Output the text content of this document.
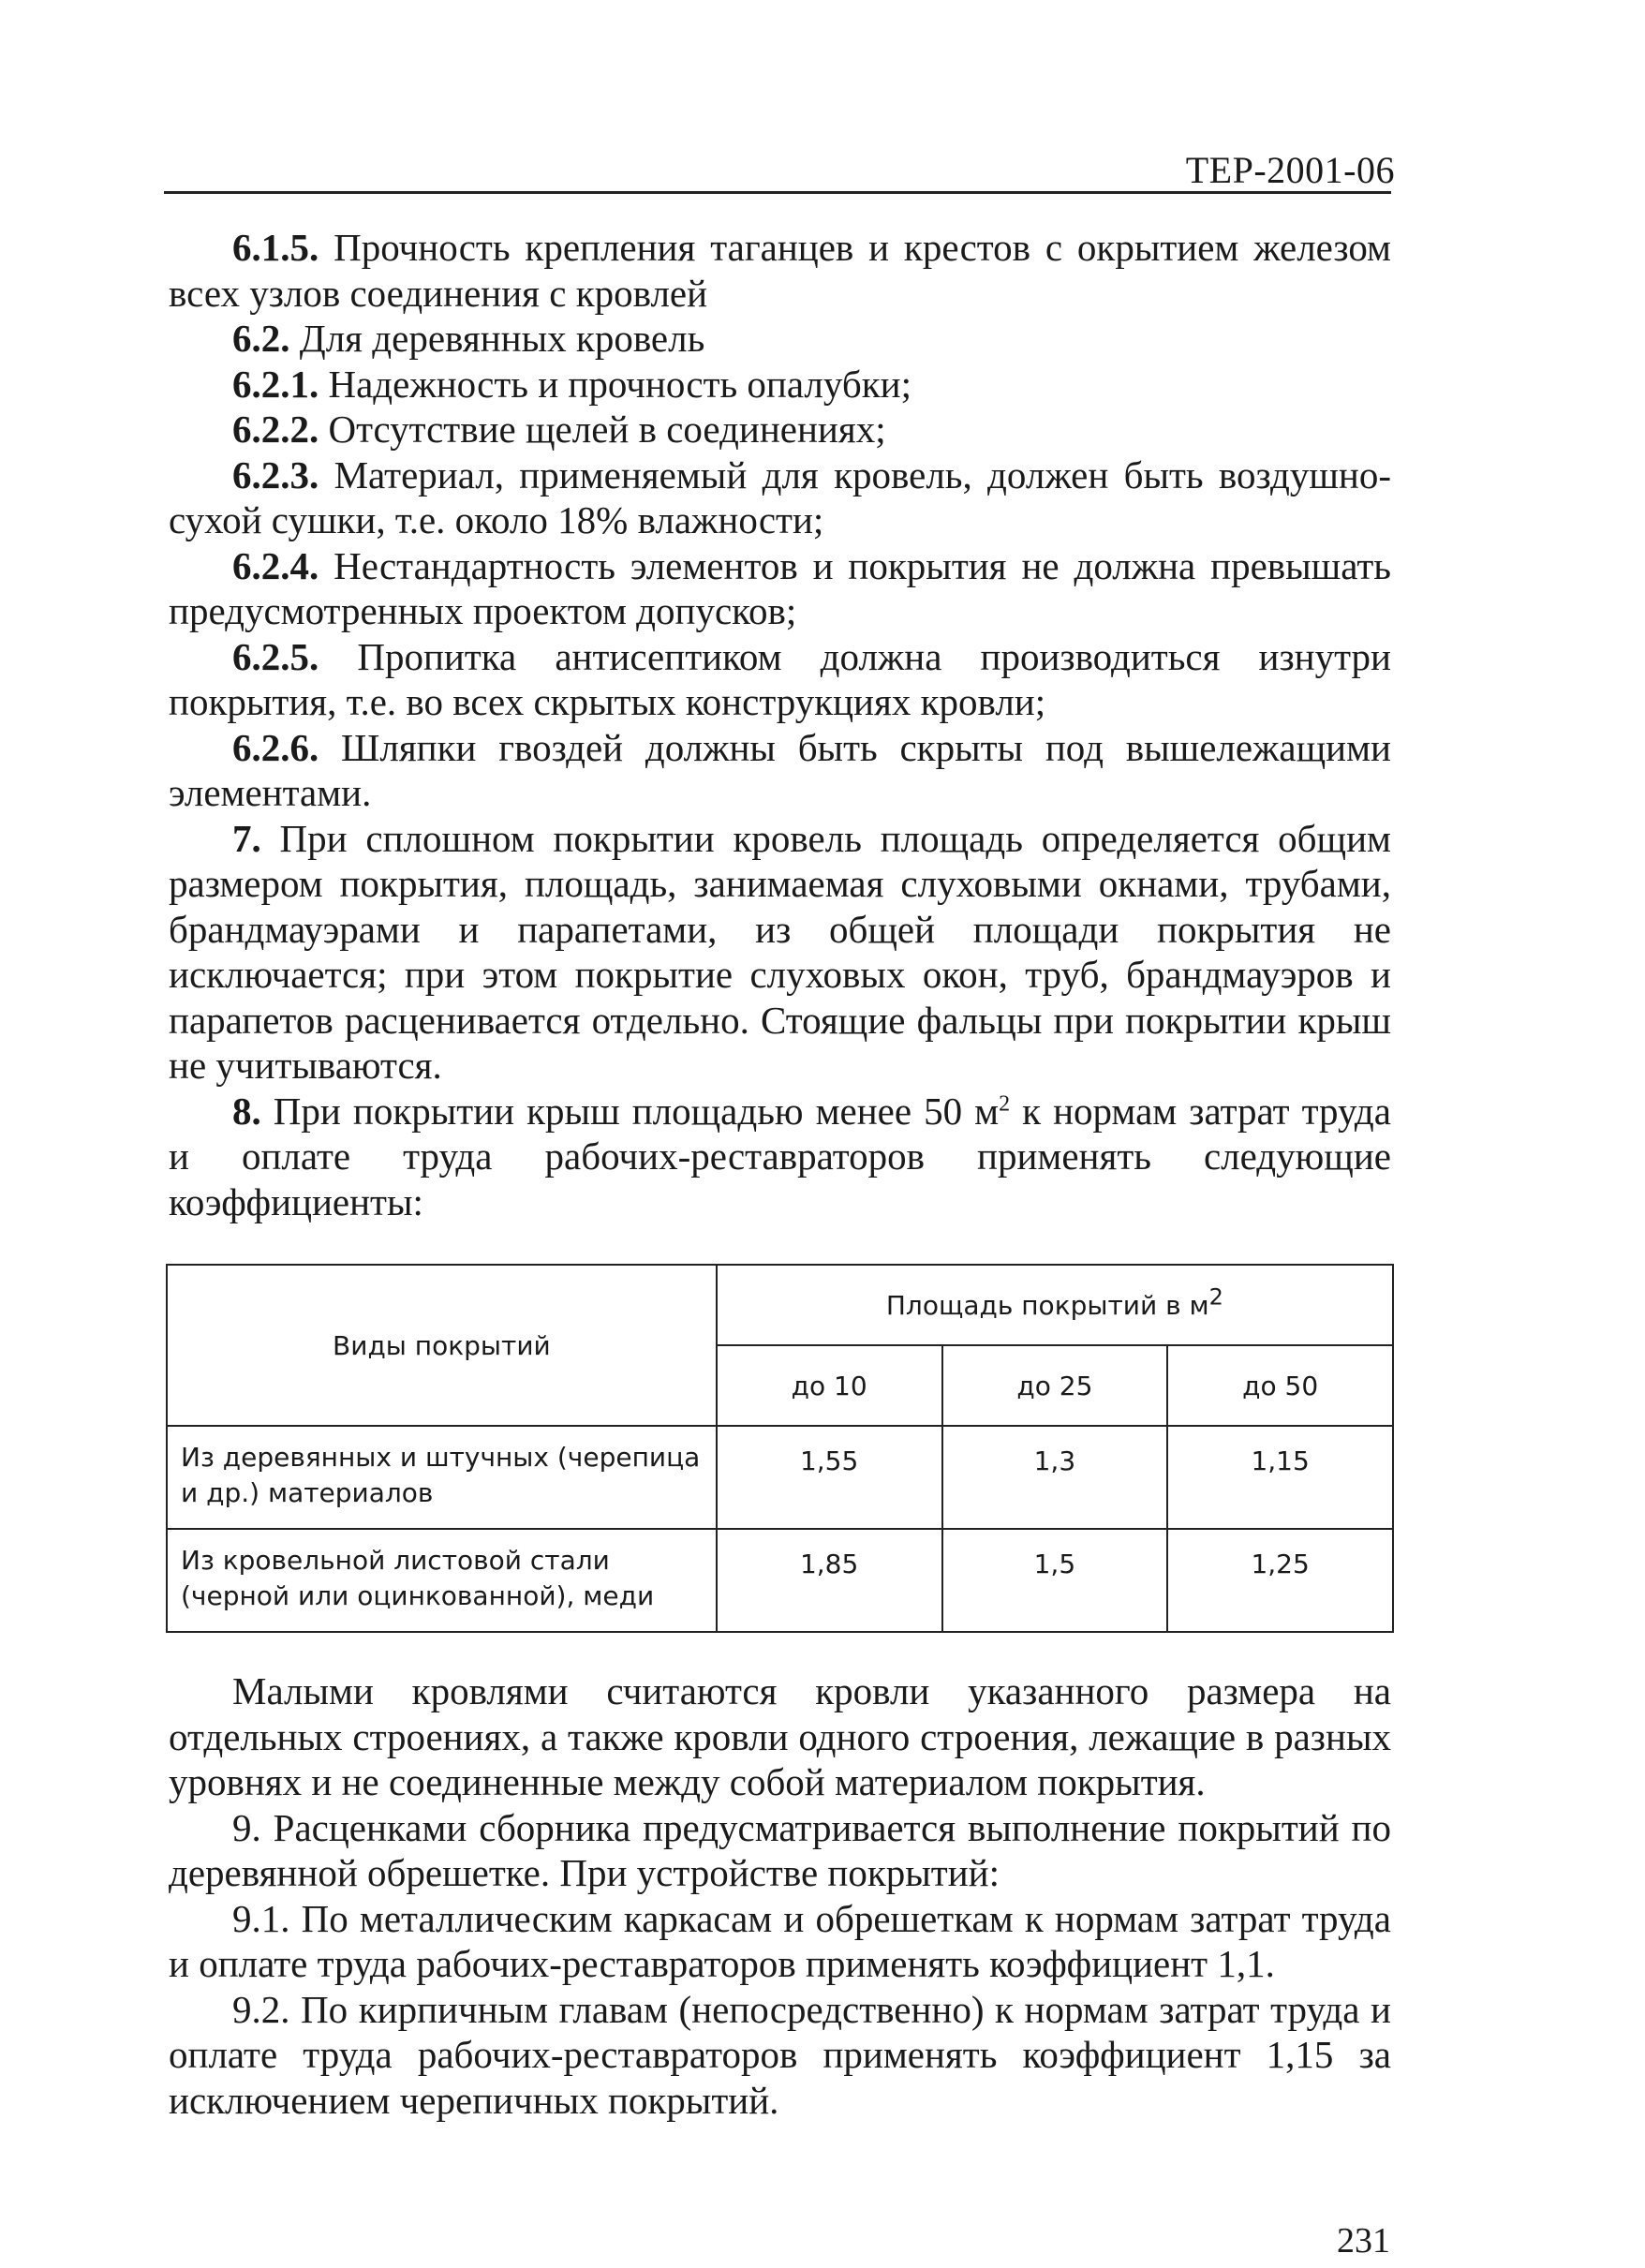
ТЕР-2001-06

6.1.5. Прочность крепления таганцев и крестов с окрытием железом всех узлов соединения с кровлей

6.2. Для деревянных кровель

6.2.1. Надежность и прочность опалубки;

6.2.2. Отсутствие щелей в соединениях;

6.2.3. Материал, применяемый для кровель, должен быть воздушно-сухой сушки, т.е. около 18% влажности;

6.2.4. Нестандартность элементов и покрытия не должна превышать предусмотренных проектом допусков;

6.2.5. Пропитка антисептиком должна производиться изнутри покрытия, т.е. во всех скрытых конструкциях кровли;

6.2.6. Шляпки гвоздей должны быть скрыты под вышележащими элементами.

7. При сплошном покрытии кровель площадь определяется общим размером покрытия, площадь, занимаемая слуховыми окнами, трубами, брандмауэрами и парапетами, из общей площади покрытия не исключается; при этом покрытие слуховых окон, труб, брандмауэров и парапетов расценивается отдельно. Стоящие фальцы при покрытии крыш не учитываются.

8. При покрытии крыш площадью менее 50 $м^2$ к нормам затрат труда и оплате труда рабочих-реставраторов применять следующие коэффициенты:

Виды покрытий	Площадь покрытий в $м^2$
	до 10	до 25	до 50
Из деревянных и штучных (черепица и др.) материалов	1,55	1,3	1,15
Из кровельной листовой стали (черной или оцинкованной), меди	1,85	1,5	1,25

Малыми кровлями считаются кровли указанного размера на отдельных строениях, а также кровли одного строения, лежащие в разных уровнях и не соединенные между собой материалом покрытия.

9. Расценками сборника предусматривается выполнение покрытий по деревянной обрешетке. При устройстве покрытий:

9.1. По металлическим каркасам и обрешеткам к нормам затрат труда и оплате труда рабочих-реставраторов применять коэффициент 1,1.

9.2. По кирпичным главам (непосредственно) к нормам затрат труда и оплате труда рабочих-реставраторов применять коэффициент 1,15 за исключением черепичных покрытий.

231
